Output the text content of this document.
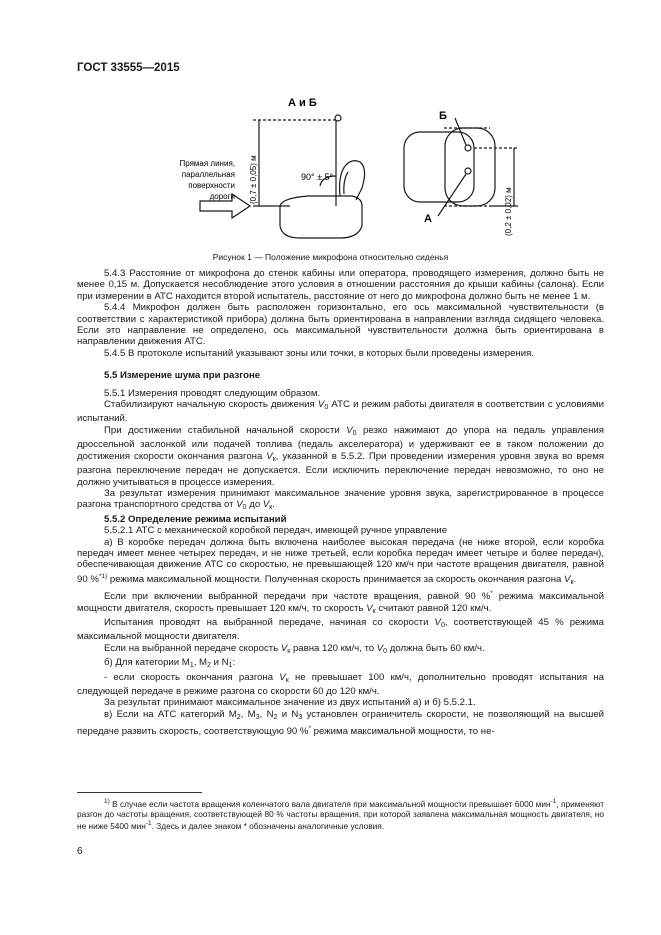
ГОСТ 33555—2015
А и Б
Б
А
90° ± 5°
(0,7 ± 0,05) м
(0,2 ± 0,02) м
Прямая линия,
параллельная
поверхности
дороги
Рисунок 1 — Положение микрофона относительно сиденья

5.4.3 Расстояние от микрофона до стенок кабины или оператора, проводящего измерения, должно быть не менее 0,15 м. Допускается несоблюдение этого условия в отношении расстояния до крыши кабины (салона). Если при измерении в АТС находится второй испытатель, расстояние от него до микрофона должно быть не менее 1 м.

5.4.4 Микрофон должен быть расположен горизонтально, его ось максимальной чувствительности (в соответствии с характеристикой прибора) должна быть ориентирована в направлении взгляда сидящего человека. Если это направление не определено, ось максимальной чувствительности должна быть ориентирована в направлении движения АТС.

5.4.5 В протоколе испытаний указывают зоны или точки, в которых были проведены измерения.

5.5 Измерение шума при разгоне

5.5.1 Измерения проводят следующим образом.

Стабилизируют начальную скорость движения $V_0$ АТС и режим работы двигателя в соответствии с условиями испытаний.

При достижении стабильной начальной скорости $V_0$ резко нажимают до упора на педаль управления дроссельной заслонкой или подачей топлива (педаль акселератора) и удерживают ее в таком положении до достижения скорости окончания разгона $V_к$, указанной в 5.5.2. При проведении измерения уровня звука во время разгона переключение передач не допускается. Если исключить переключение передач невозможно, то оно не должно учитываться в процессе измерения.

За результат измерения принимают максимальное значение уровня звука, зарегистрированное в процессе разгона транспортного средства от $V_0$ до $V_к$.

5.5.2 Определение режима испытаний

5.5.2.1 АТС с механической коробкой передач, имеющей ручное управление

а) В коробке передач должна быть включена наиболее высокая передача (не ниже второй, если коробка передач имеет менее четырех передач, и не ниже третьей, если коробка передач имеет четыре и более передач), обеспечивающая движение АТС со скоростью, не превышающей 120 км/ч при частоте вращения двигателя, равной 90 %$^{*1)}$ режима максимальной мощности. Полученная скорость принимается за скорость окончания разгона $V_к$.

Если при включении выбранной передачи при частоте вращения, равной 90 %* режима максимальной мощности двигателя, скорость превышает 120 км/ч, то скорость $V_к$ считают равной 120 км/ч.

Испытания проводят на выбранной передаче, начиная со скорости $V_0$, соответствующей 45 % режима максимальной мощности двигателя.

Если на выбранной передаче скорость $V_к$ равна 120 км/ч, то $V_0$ должна быть 60 км/ч.

б) Для категории $M_1$, $M_2$ и $N_1$:

- если скорость окончания разгона $V_к$ не превышает 100 км/ч, дополнительно проводят испытания на следующей передаче в режиме разгона со скорости 60 до 120 км/ч.

За результат принимают максимальное значение из двух испытаний а) и б) 5.5.2.1.

в) Если на АТС категорий $M_2$, $M_3$, $N_2$ и $N_3$ установлен ограничитель скорости, не позволяющий на высшей передаче развить скорость, соответствующую 90 %* режима максимальной мощности, то не-

$^{1)}$ В случае если частота вращения коленчатого вала двигателя при максимальной мощности превышает 6000 мин$^{-1}$, применяют разгон до частоты вращения, соответствующей 80 % частоты вращения, при которой заявлена максимальная мощность двигателя, но не ниже 5400 мин$^{-1}$. Здесь и далее знаком * обозначены аналогичные условия.

6
